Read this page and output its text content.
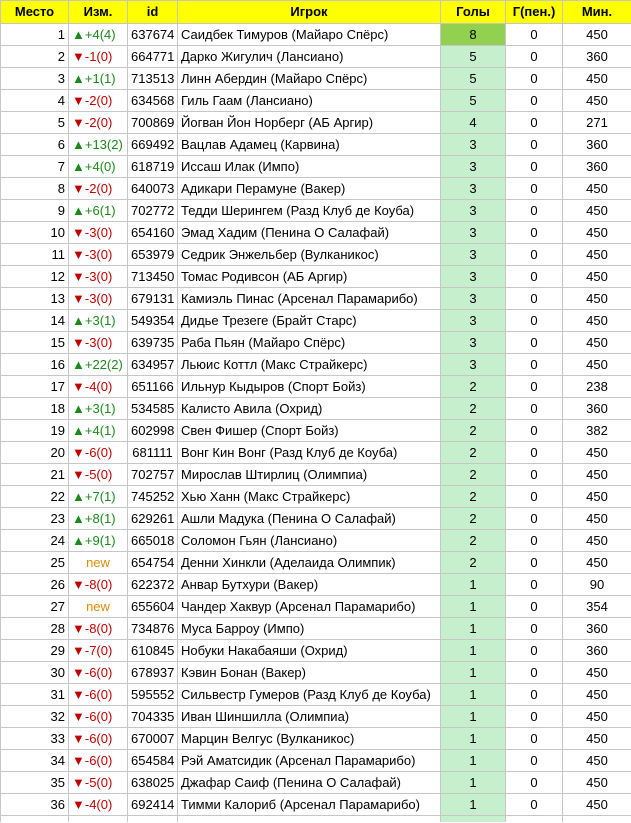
Место	Изм.	id	Игрок	Голы	Г(пен.)	Мин.
1	▲+4(4)	637674	Саидбек Тимуров (Майаро Спёрс)	8	0	450
2	▼-1(0)	664771	Дарко Жигулич (Лансиано)	5	0	360
3	▲+1(1)	713513	Линн Абердин (Майаро Спёрс)	5	0	450
4	▼-2(0)	634568	Гиль Гаам (Лансиано)	5	0	450
5	▼-2(0)	700869	Йогван Йон Норберг (АБ Аргир)	4	0	271
6	▲+13(2)	669492	Вацлав Адамец (Карвина)	3	0	360
7	▲+4(0)	618719	Иссаш Илак (Импо)	3	0	360
8	▼-2(0)	640073	Адикари Перамуне (Вакер)	3	0	450
9	▲+6(1)	702772	Тедди Шерингем (Разд Клуб де Коуба)	3	0	450
10	▼-3(0)	654160	Эмад Хадим (Пенина О Салафай)	3	0	450
11	▼-3(0)	653979	Седрик Энжельбер (Вулканикос)	3	0	450
12	▼-3(0)	713450	Томас Родивсон (АБ Аргир)	3	0	450
13	▼-3(0)	679131	Камиэль Пинас (Арсенал Парамарибо)	3	0	450
14	▲+3(1)	549354	Дидье Трезеге (Брайт Старс)	3	0	450
15	▼-3(0)	639735	Раба Пьян (Майаро Спёрс)	3	0	450
16	▲+22(2)	634957	Льюис Коттл (Макс Страйкерс)	3	0	450
17	▼-4(0)	651166	Ильнур Кыдыров (Спорт Бойз)	2	0	238
18	▲+3(1)	534585	Калисто Авила (Охрид)	2	0	360
19	▲+4(1)	602998	Свен Фишер (Спорт Бойз)	2	0	382
20	▼-6(0)	681111	Вонг Кин Вонг (Разд Клуб де Коуба)	2	0	450
21	▼-5(0)	702757	Мирослав Штирлиц (Олимпиа)	2	0	450
22	▲+7(1)	745252	Хью Ханн (Макс Страйкерс)	2	0	450
23	▲+8(1)	629261	Ашли Мадука (Пенина О Салафай)	2	0	450
24	▲+9(1)	665018	Соломон Гьян (Лансиано)	2	0	450
25	new	654754	Денни Хинкли (Аделаида Олимпик)	2	0	450
26	▼-8(0)	622372	Анвар Бутхури (Вакер)	1	0	90
27	new	655604	Чандер Хаквур (Арсенал Парамарибо)	1	0	354
28	▼-8(0)	734876	Муса Барроу (Импо)	1	0	360
29	▼-7(0)	610845	Нобуки Накабаяши (Охрид)	1	0	360
30	▼-6(0)	678937	Кэвин Бонан (Вакер)	1	0	450
31	▼-6(0)	595552	Сильвестр Гумеров (Разд Клуб де Коуба)	1	0	450
32	▼-6(0)	704335	Иван Шиншилла (Олимпиа)	1	0	450
33	▼-6(0)	670007	Марцин Велгус (Вулканикос)	1	0	450
34	▼-6(0)	654584	Рэй Аматсидик (Арсенал Парамарибо)	1	0	450
35	▼-5(0)	638025	Джафар Саиф (Пенина О Салафай)	1	0	450
36	▼-4(0)	692414	Тимми Калориб (Арсенал Парамарибо)	1	0	450
